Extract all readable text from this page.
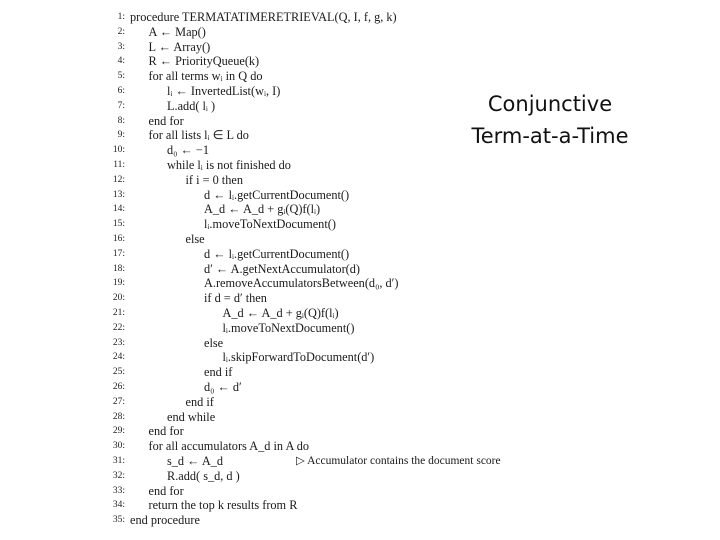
1: procedure TERMATATIMERETRIEVAL(Q, I, f, g, k)
2: A ← Map()
3: L ← Array()
4: R ← PriorityQueue(k)
5: for all terms wᵢ in Q do
6:	lᵢ ← InvertedList(wᵢ, I)
7:	L.add( lᵢ )
8: end for
9: for all lists lᵢ ∈ L do
10:	d₀ ← −1
11:	while lᵢ is not finished do
12:	if i = 0 then
13:	d ← lᵢ.getCurrentDocument()
14:	A_d ← A_d + gᵢ(Q)f(lᵢ)
15:	lᵢ.moveToNextDocument()
16:	else
17:	d ← lᵢ.getCurrentDocument()
18:	d′ ← A.getNextAccumulator(d)
19:	A.removeAccumulatorsBetween(d₀, d′)
20:	if d = d′ then
21:	A_d ← A_d + gᵢ(Q)f(lᵢ)
22:	lᵢ.moveToNextDocument()
23:	else
24:	lᵢ.skipForwardToDocument(d′)
25:	end if
26:	d₀ ← d′
27:	end if
28:	end while
29: end for
30: for all accumulators A_d in A do
31:	s_d ← A_d	▷ Accumulator contains the document score
32:	R.add( s_d, d )
33: end for
34: return the top k results from R
35: end procedure
Conjunctive
Term-at-a-Time
